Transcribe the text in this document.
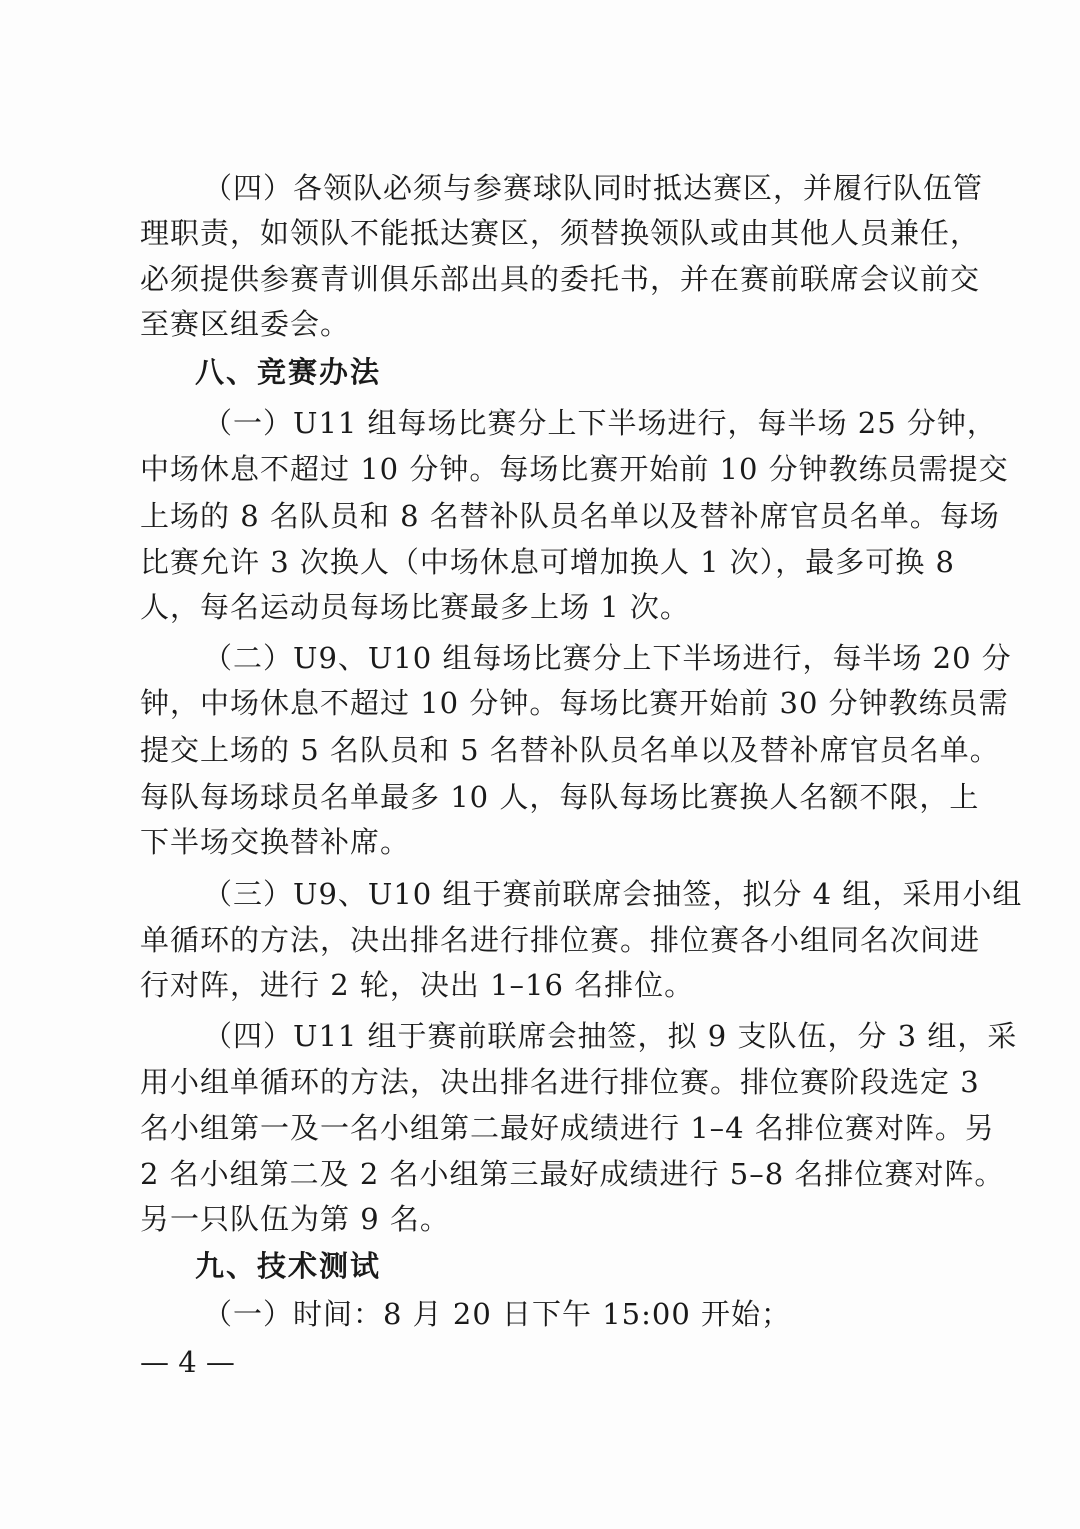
（四）各领队必须与参赛球队同时抵达赛区，并履行队伍管
理职责，如领队不能抵达赛区，须替换领队或由其他人员兼任，
必须提供参赛青训俱乐部出具的委托书，并在赛前联席会议前交
至赛区组委会。
八、竞赛办法
（一）U11 组每场比赛分上下半场进行，每半场 25 分钟，
中场休息不超过 10 分钟。每场比赛开始前 10 分钟教练员需提交
上场的 8 名队员和 8 名替补队员名单以及替补席官员名单。每场
比赛允许 3 次换人（中场休息可增加换人 1 次），最多可换 8
人，每名运动员每场比赛最多上场 1 次。
（二）U9、U10 组每场比赛分上下半场进行，每半场 20 分
钟，中场休息不超过 10 分钟。每场比赛开始前 30 分钟教练员需
提交上场的 5 名队员和 5 名替补队员名单以及替补席官员名单。
每队每场球员名单最多 10 人，每队每场比赛换人名额不限，上
下半场交换替补席。
（三）U9、U10 组于赛前联席会抽签，拟分 4 组，采用小组
单循环的方法，决出排名进行排位赛。排位赛各小组同名次间进
行对阵，进行 2 轮，决出 1–16 名排位。
（四）U11 组于赛前联席会抽签，拟 9 支队伍，分 3 组，采
用小组单循环的方法，决出排名进行排位赛。排位赛阶段选定 3
名小组第一及一名小组第二最好成绩进行 1–4 名排位赛对阵。另
2 名小组第二及 2 名小组第三最好成绩进行 5–8 名排位赛对阵。
另一只队伍为第 9 名。
九、技术测试
（一）时间：8 月 20 日下午 15:00 开始；
— 4 —
